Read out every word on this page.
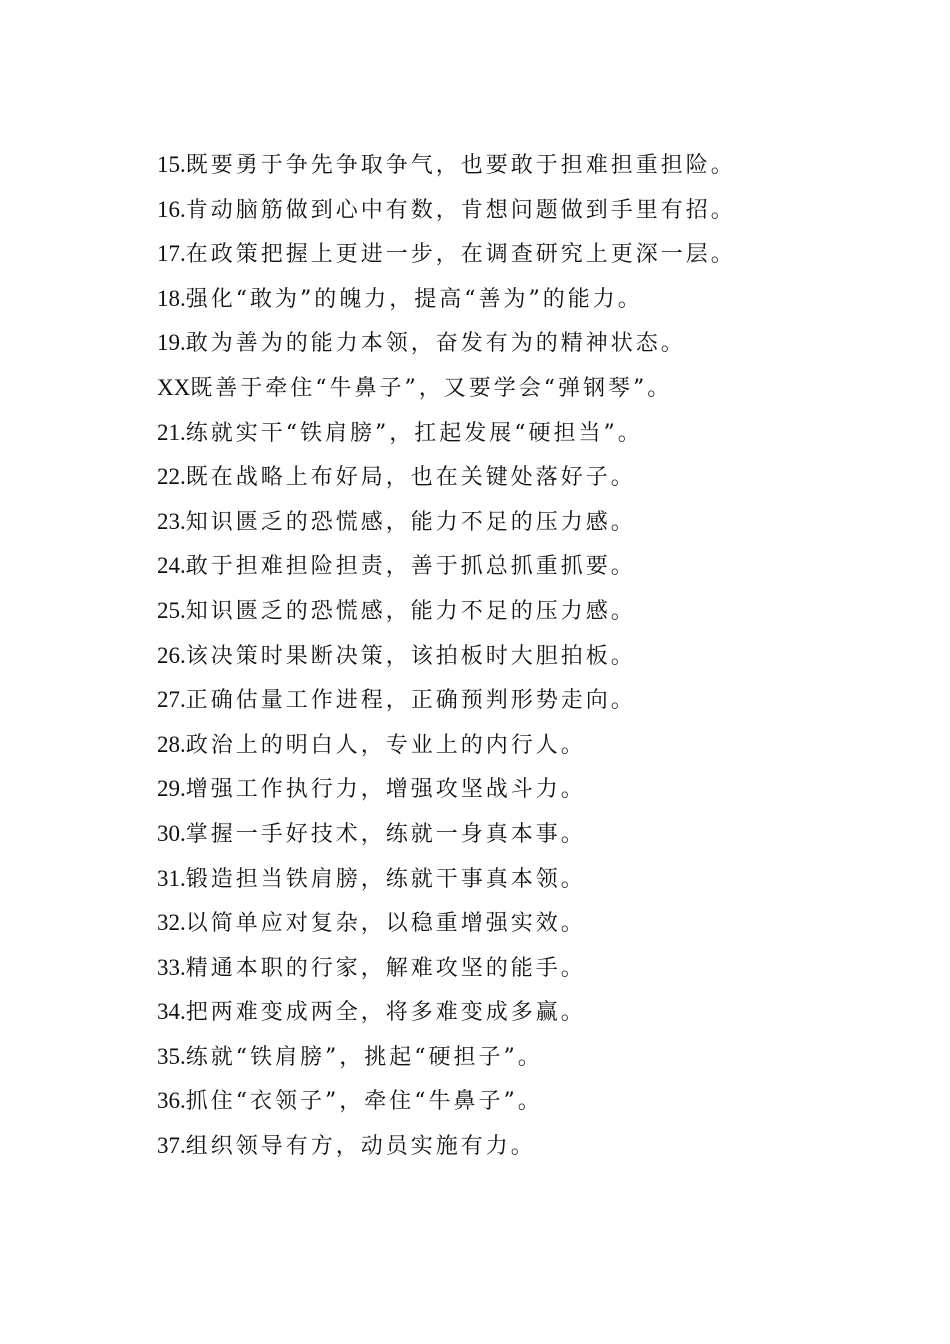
15.既要勇于争先争取争气，也要敢于担难担重担险。
16.肯动脑筋做到心中有数，肯想问题做到手里有招。
17.在政策把握上更进一步，在调查研究上更深一层。
18.强化“敢为”的魄力，提高“善为”的能力。
19.敢为善为的能力本领，奋发有为的精神状态。
XX既善于牵住“牛鼻子”，又要学会“弹钢琴”。
21.练就实干“铁肩膀”，扛起发展“硬担当”。
22.既在战略上布好局，也在关键处落好子。
23.知识匮乏的恐慌感，能力不足的压力感。
24.敢于担难担险担责，善于抓总抓重抓要。
25.知识匮乏的恐慌感，能力不足的压力感。
26.该决策时果断决策，该拍板时大胆拍板。
27.正确估量工作进程，正确预判形势走向。
28.政治上的明白人，专业上的内行人。
29.增强工作执行力，增强攻坚战斗力。
30.掌握一手好技术，练就一身真本事。
31.锻造担当铁肩膀，练就干事真本领。
32.以简单应对复杂，以稳重增强实效。
33.精通本职的行家，解难攻坚的能手。
34.把两难变成两全，将多难变成多赢。
35.练就“铁肩膀”，挑起“硬担子”。
36.抓住“衣领子”，牵住“牛鼻子”。
37.组织领导有方，动员实施有力。
